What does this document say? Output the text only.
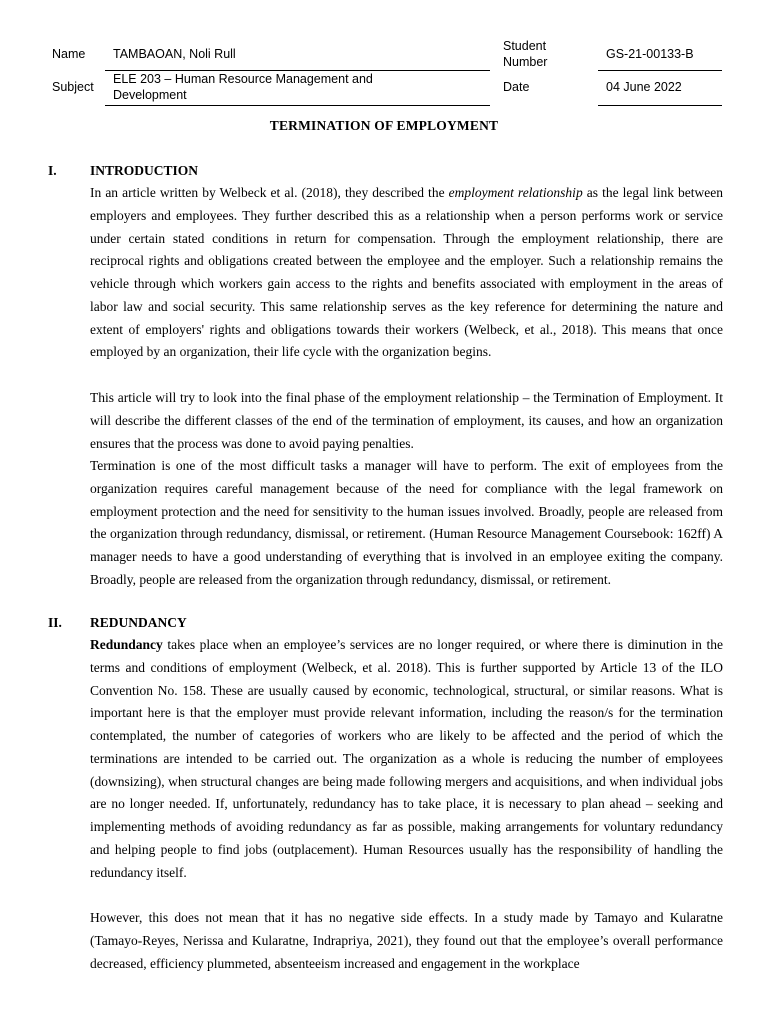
Name TAMBAOAN, Noli Rull
Student
Number
GS-21-00133-B
Subject
ELE 203 – Human Resource Management and
Development
Date	04 June 2022
TERMINATION OF EMPLOYMENT
I. INTRODUCTION

In an article written by Welbeck et al. (2018), they described the employment relationship as the legal link between employers and employees. They further described this as a relationship when a person performs work or service under certain stated conditions in return for compensation. Through the employment relationship, there are reciprocal rights and obligations created between the employee and the employer. Such a relationship remains the vehicle through which workers gain access to the rights and benefits associated with employment in the areas of labor law and social security. This same relationship serves as the key reference for determining the nature and extent of employers' rights and obligations towards their workers (Welbeck, et al., 2018). This means that once employed by an organization, their life cycle with the organization begins.

This article will try to look into the final phase of the employment relationship – the Termination of Employment. It will describe the different classes of the end of the termination of employment, its causes, and how an organization ensures that the process was done to avoid paying penalties.

Termination is one of the most difficult tasks a manager will have to perform. The exit of employees from the organization requires careful management because of the need for compliance with the legal framework on employment protection and the need for sensitivity to the human issues involved. Broadly, people are released from the organization through redundancy, dismissal, or retirement. (Human Resource Management Coursebook: 162ff) A manager needs to have a good understanding of everything that is involved in an employee exiting the company. Broadly, people are released from the organization through redundancy, dismissal, or retirement.

II. REDUNDANCY

Redundancy takes place when an employee’s services are no longer required, or where there is diminution in the terms and conditions of employment (Welbeck, et al. 2018). This is further supported by Article 13 of the ILO Convention No. 158. These are usually caused by economic, technological, structural, or similar reasons. What is important here is that the employer must provide relevant information, including the reason/s for the termination contemplated, the number of categories of workers who are likely to be affected and the period of which the terminations are intended to be carried out. The organization as a whole is reducing the number of employees (downsizing), when structural changes are being made following mergers and acquisitions, and when individual jobs are no longer needed. If, unfortunately, redundancy has to take place, it is necessary to plan ahead – seeking and implementing methods of avoiding redundancy as far as possible, making arrangements for voluntary redundancy and helping people to find jobs (outplacement). Human Resources usually has the responsibility of handling the redundancy itself.

However, this does not mean that it has no negative side effects. In a study made by Tamayo and Kularatne (Tamayo-Reyes, Nerissa and Kularatne, Indrapriya, 2021), they found out that the employee’s overall performance decreased, efficiency plummeted, absenteeism increased and engagement in the workplace
